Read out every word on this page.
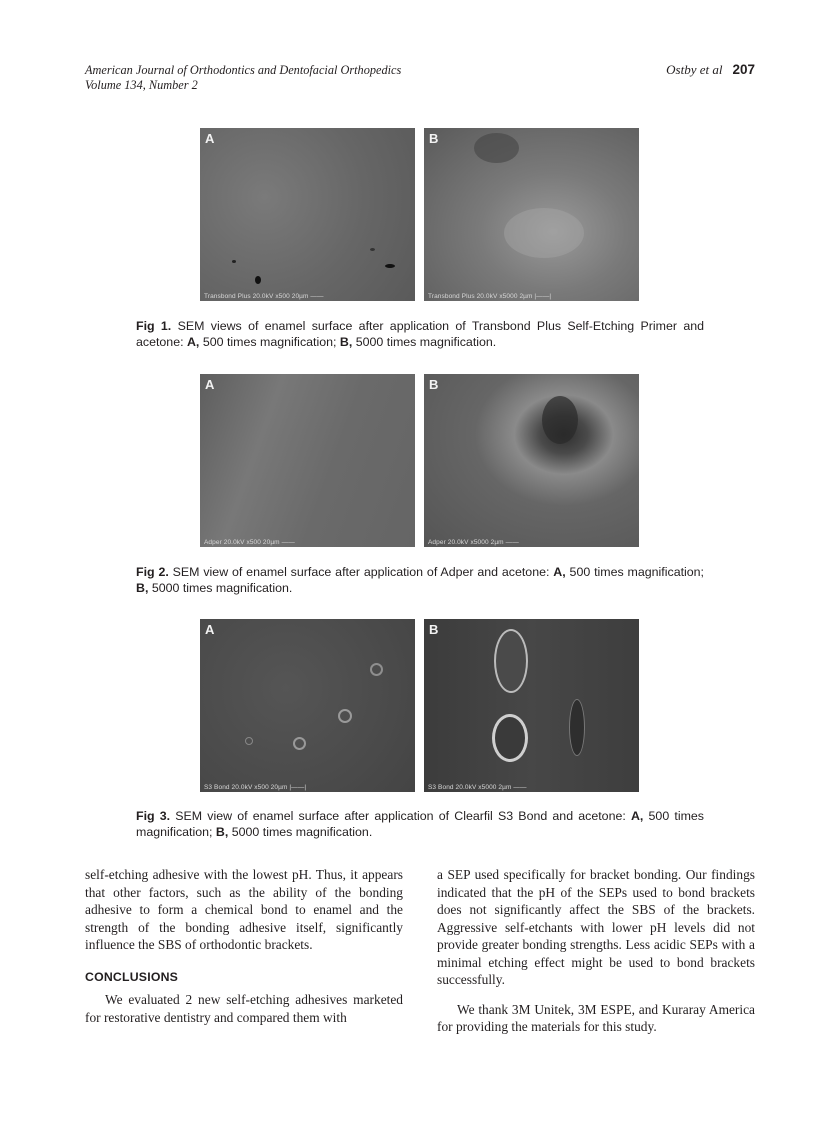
American Journal of Orthodontics and Dentofacial Orthopedics
Volume 134, Number 2
Ostby et al 207
A
Transbond Plus 20.0kV x500 20µm ——
B
Transbond Plus 20.0kV x5000 2µm |——|
Fig 1. SEM views of enamel surface after application of Transbond Plus Self-Etching Primer and acetone: A, 500 times magnification; B, 5000 times magnification.
A
Adper 20.0kV x500 20µm ——
B
Adper 20.0kV x5000 2µm ——
Fig 2. SEM view of enamel surface after application of Adper and acetone: A, 500 times magnification; B, 5000 times magnification.
A
S3 Bond 20.0kV x500 20µm |——|
B
S3 Bond 20.0kV x5000 2µm ——
Fig 3. SEM view of enamel surface after application of Clearfil S3 Bond and acetone: A, 500 times magnification; B, 5000 times magnification.

self-etching adhesive with the lowest pH. Thus, it appears that other factors, such as the ability of the bonding adhesive to form a chemical bond to enamel and the strength of the bonding adhesive itself, significantly influence the SBS of orthodontic brackets.

CONCLUSIONS

We evaluated 2 new self-etching adhesives marketed for restorative dentistry and compared them with

a SEP used specifically for bracket bonding. Our findings indicated that the pH of the SEPs used to bond brackets does not significantly affect the SBS of the brackets. Aggressive self-etchants with lower pH levels did not provide greater bonding strengths. Less acidic SEPs with a minimal etching effect might be used to bond brackets successfully.

We thank 3M Unitek, 3M ESPE, and Kuraray America for providing the materials for this study.
